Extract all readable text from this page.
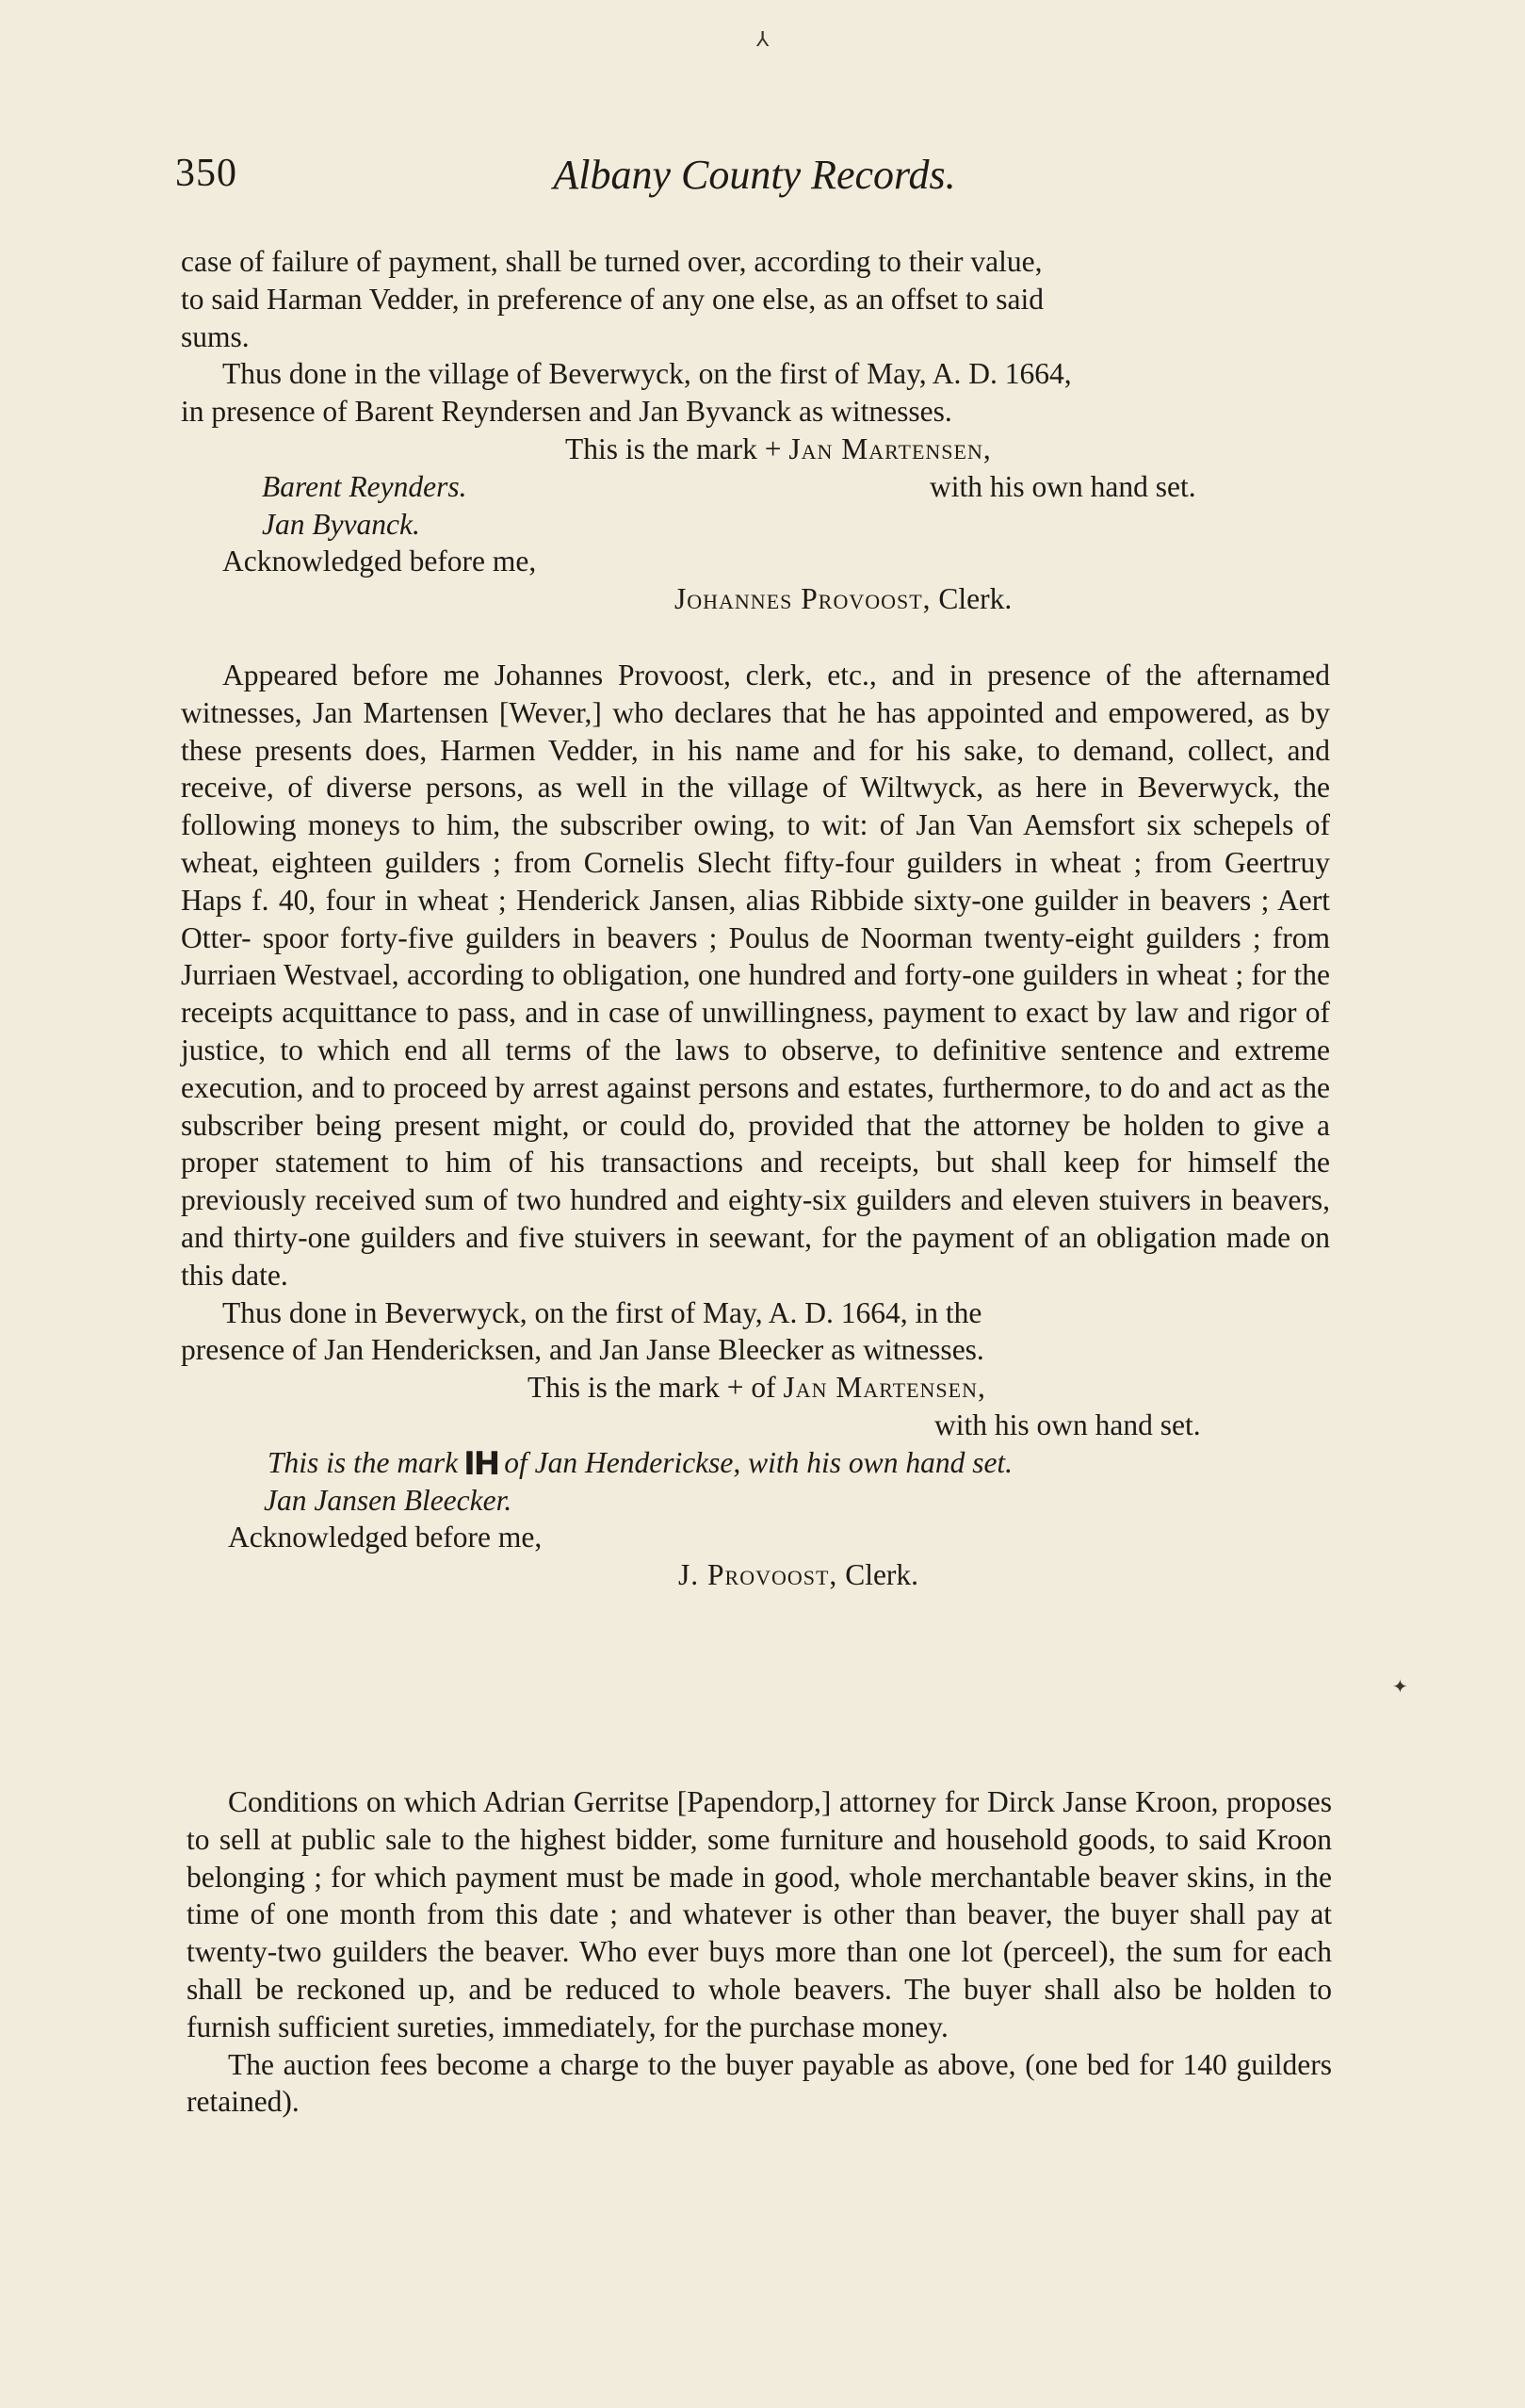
⅄
350	Albany County Records.

case of failure of payment, shall be turned over, according to their value,
to said Harman Vedder, in preference of any one else, as an offset to said
sums.

Thus done in the village of Beverwyck, on the first of May, A. D. 1664,
in presence of Barent Reyndersen and Jan Byvanck as witnesses.
This is the mark + Jan Martensen,
Barent Reynders.	with his own hand set.
Jan Byvanck.
Acknowledged before me,
Johannes Provoost, Clerk.

Appeared before me Johannes Provoost, clerk, etc., and in presence of the afternamed witnesses, Jan Martensen [Wever,] who declares that he has appointed and empowered, as by these presents does, Harmen Vedder, in his name and for his sake, to demand, collect, and receive, of diverse persons, as well in the village of Wiltwyck, as here in Beverwyck, the following moneys to him, the subscriber owing, to wit: of Jan Van Aemsfort six schepels of wheat, eighteen guilders ; from Cornelis Slecht fifty-four guilders in wheat ; from Geertruy Haps f. 40, four in wheat ; Henderick Jansen, alias Ribbide sixty-one guilder in beavers ; Aert Otter- spoor forty-five guilders in beavers ; Poulus de Noorman twenty-eight guilders ; from Jurriaen Westvael, according to obligation, one hundred and forty-one guilders in wheat ; for the receipts acquittance to pass, and in case of unwillingness, payment to exact by law and rigor of justice, to which end all terms of the laws to observe, to definitive sentence and extreme execution, and to proceed by arrest against persons and estates, furthermore, to do and act as the subscriber being present might, or could do, provided that the attorney be holden to give a proper statement to him of his transactions and receipts, but shall keep for himself the previously received sum of two hundred and eighty-six guilders and eleven stuivers in beavers, and thirty-one guilders and five stuivers in seewant, for the payment of an obligation made on this date.

Thus done in Beverwyck, on the first of May, A. D. 1664, in the
presence of Jan Hendericksen, and Jan Janse Bleecker as witnesses.
This is the mark + of Jan Martensen,
with his own hand set.
This is the mark IH of Jan Henderickse, with his own hand set.
Jan Jansen Bleecker.
Acknowledged before me,
J. Provoost, Clerk.

Conditions on which Adrian Gerritse [Papendorp,] attorney for Dirck Janse Kroon, proposes to sell at public sale to the highest bidder, some furniture and household goods, to said Kroon belonging ; for which payment must be made in good, whole merchantable beaver skins, in the time of one month from this date ; and whatever is other than beaver, the buyer shall pay at twenty-two guilders the beaver. Who ever buys more than one lot (perceel), the sum for each shall be reckoned up, and be reduced to whole beavers. The buyer shall also be holden to furnish sufficient sureties, immediately, for the purchase money.

The auction fees become a charge to the buyer payable as above, (one bed for 140 guilders retained).

✦
